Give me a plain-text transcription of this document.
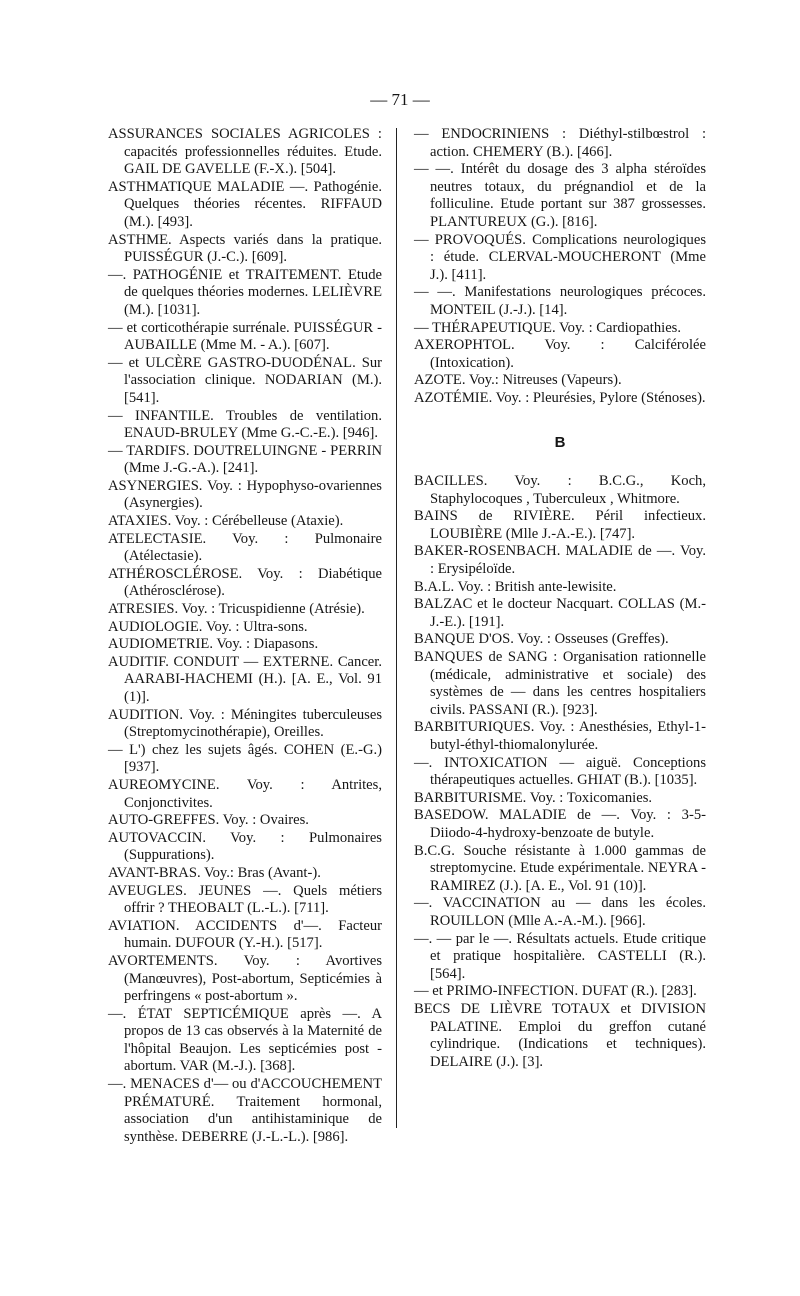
— 71 —

ASSURANCES SOCIALES AGRICOLES : capacités professionnelles réduites. Etude. GAIL DE GAVELLE (F.-X.). [504].

ASTHMATIQUE MALADIE —. Pathogénie. Quelques théories récentes. RIFFAUD (M.). [493].

ASTHME. Aspects variés dans la pratique. PUISSÉGUR (J.-C.). [609].

—. PATHOGÉNIE et TRAITEMENT. Etude de quelques théories modernes. LELIÈVRE (M.). [1031].

— et corticothérapie surrénale. PUISSÉGUR - AUBAILLE (Mme M. - A.). [607].

— et ULCÈRE GASTRO-DUODÉNAL. Sur l'association clinique. NODARIAN (M.). [541].

— INFANTILE. Troubles de ventilation. ENAUD-BRULEY (Mme G.-C.-E.). [946].

— TARDIFS. DOUTRELUINGNE - PERRIN (Mme J.-G.-A.). [241].

ASYNERGIES. Voy. : Hypophyso-ovariennes (Asynergies).

ATAXIES. Voy. : Cérébelleuse (Ataxie).

ATELECTASIE. Voy. : Pulmonaire (Atélectasie).

ATHÉROSCLÉROSE. Voy. : Diabétique (Athérosclérose).

ATRESIES. Voy. : Tricuspidienne (Atrésie).

AUDIOLOGIE. Voy. : Ultra-sons.

AUDIOMETRIE. Voy. : Diapasons.

AUDITIF. CONDUIT — EXTERNE. Cancer. AARABI-HACHEMI (H.). [A. E., Vol. 91 (1)].

AUDITION. Voy. : Méningites tuberculeuses (Streptomycinothérapie), Oreilles.

— L') chez les sujets âgés. COHEN (E.-G.) [937].

AUREOMYCINE. Voy. : Antrites, Conjonctivites.

AUTO-GREFFES. Voy. : Ovaires.

AUTOVACCIN. Voy. : Pulmonaires (Suppurations).

AVANT-BRAS. Voy.: Bras (Avant-).

AVEUGLES. JEUNES —. Quels métiers offrir ? THEOBALT (L.-L.). [711].

AVIATION. ACCIDENTS d'—. Facteur humain. DUFOUR (Y.-H.). [517].

AVORTEMENTS. Voy. : Avortives (Manœuvres), Post-abortum, Septicémies à perfringens « post-abortum ».

—. ÉTAT SEPTICÉMIQUE après —. A propos de 13 cas observés à la Maternité de l'hôpital Beaujon. Les septicémies post - abortum. VAR (M.-J.). [368].

—. MENACES d'— ou d'ACCOUCHEMENT PRÉMATURÉ. Traitement hormonal, association d'un antihistaminique de synthèse. DEBERRE (J.-L.-L.). [986].

— ENDOCRINIENS : Diéthyl-stilbœstrol : action. CHEMERY (B.). [466].

— —. Intérêt du dosage des 3 alpha stéroïdes neutres totaux, du prégnandiol et de la folliculine. Etude portant sur 387 grossesses. PLANTUREUX (G.). [816].

— PROVOQUÉS. Complications neurologiques : étude. CLERVAL-MOUCHERONT (Mme J.). [411].

— —. Manifestations neurologiques précoces. MONTEIL (J.-J.). [14].

— THÉRAPEUTIQUE. Voy. : Cardiopathies.

AXEROPHTOL. Voy. : Calciférolée (Intoxication).

AZOTE. Voy.: Nitreuses (Vapeurs).

AZOTÉMIE. Voy. : Pleurésies, Pylore (Sténoses).

B

BACILLES. Voy. : B.C.G., Koch, Staphylocoques , Tuberculeux , Whitmore.

BAINS de RIVIÈRE. Péril infectieux. LOUBIÈRE (Mlle J.-A.-E.). [747].

BAKER-ROSENBACH. MALADIE de —. Voy. : Erysipéloïde.

B.A.L. Voy. : British ante-lewisite.

BALZAC et le docteur Nacquart. COLLAS (M.-J.-E.). [191].

BANQUE D'OS. Voy. : Osseuses (Greffes).

BANQUES de SANG : Organisation rationnelle (médicale, administrative et sociale) des systèmes de — dans les centres hospitaliers civils. PASSANI (R.). [923].

BARBITURIQUES. Voy. : Anesthésies, Ethyl-1-butyl-éthyl-thiomalonylurée.

—. INTOXICATION — aiguë. Conceptions thérapeutiques actuelles. GHIAT (B.). [1035].

BARBITURISME. Voy. : Toxicomanies.

BASEDOW. MALADIE de —. Voy. : 3-5-Diiodo-4-hydroxy-benzoate de butyle.

B.C.G. Souche résistante à 1.000 gammas de streptomycine. Etude expérimentale. NEYRA - RAMIREZ (J.). [A. E., Vol. 91 (10)].

—. VACCINATION au — dans les écoles. ROUILLON (Mlle A.-A.-M.). [966].

—. — par le —. Résultats actuels. Etude critique et pratique hospitalière. CASTELLI (R.). [564].

— et PRIMO-INFECTION. DUFAT (R.). [283].

BECS DE LIÈVRE TOTAUX et DIVISION PALATINE. Emploi du greffon cutané cylindrique. (Indications et techniques). DELAIRE (J.). [3].
